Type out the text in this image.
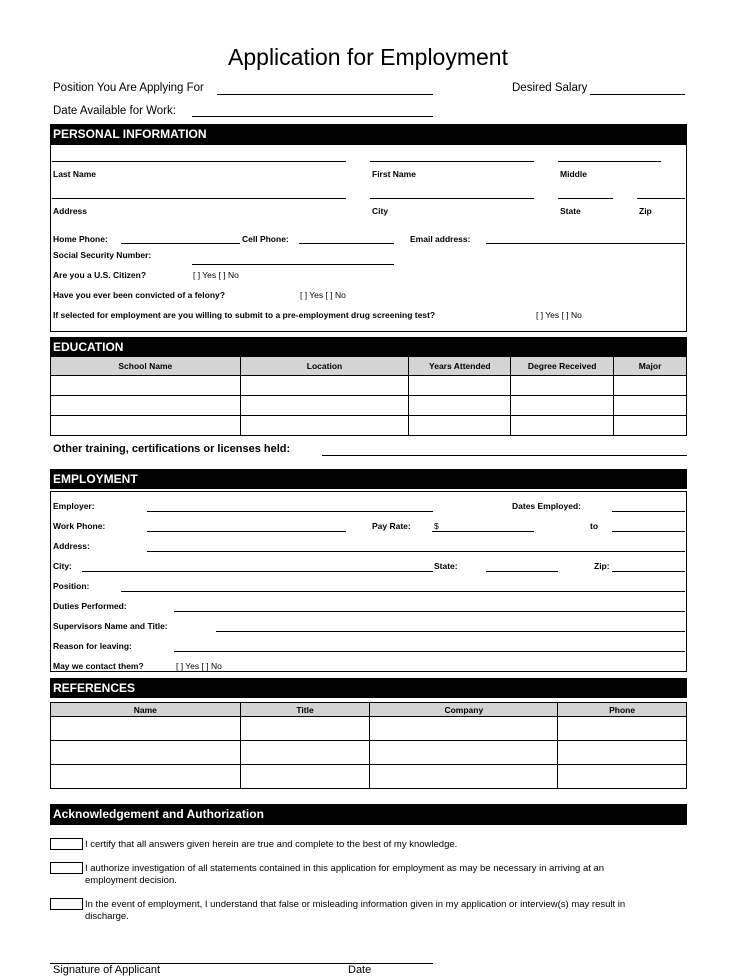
Application for Employment
Position You Are Applying For	Desired Salary
Date Available for Work:
PERSONAL INFORMATION
Last Name	First Name	Middle
Address	City	State	Zip
Home Phone:	Cell Phone:	Email address:
Social Security Number:
Are you a U.S. Citizen?	[ ] Yes [ ] No
Have you ever been convicted of a felony?	[ ] Yes [ ] No
If selected for employment are you willing to submit to a pre-employment drug screening test?	[ ] Yes [ ] No
EDUCATION
School Name	Location	Years Attended	Degree Received	Major

Other training, certifications or licenses held:
EMPLOYMENT
Employer:	Dates Employed:
Work Phone:	Pay Rate:	$	to
Address:
City:	State:	Zip:
Position:
Duties Performed:
Supervisors Name and Title:
Reason for leaving:
May we contact them?	[ ] Yes [ ] No
REFERENCES
Name	Title	Company	Phone

Acknowledgement and Authorization
I certify that all answers given herein are true and complete to the best of my knowledge.
I authorize investigation of all statements contained in this application for employment as may be necessary in arriving at an employment decision.
In the event of employment, I understand that false or misleading information given in my application or interview(s) may result in discharge.
Signature of Applicant	Date
